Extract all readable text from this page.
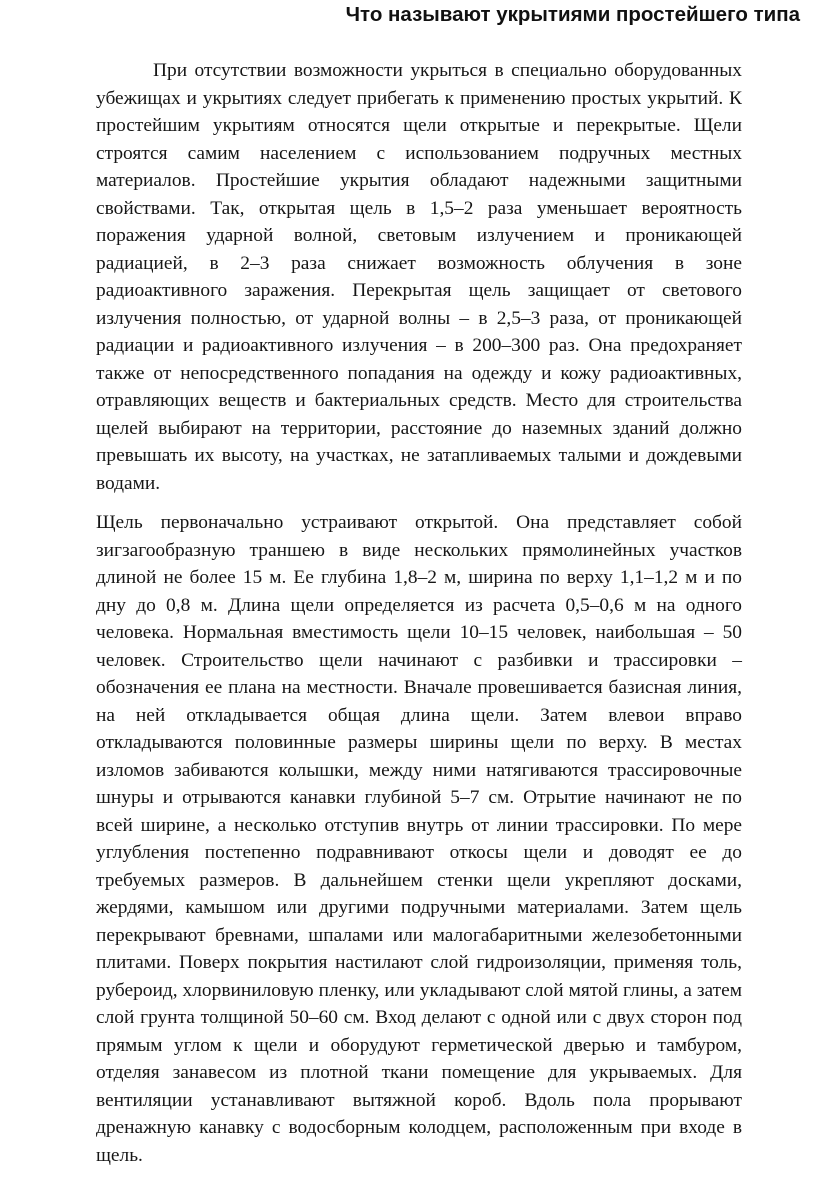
Что называют укрытиями простейшего типа

При отсутствии возможности укрыться в специально оборудованных убежищах и укрытиях следует прибегать к применению простых укрытий. К простейшим укрытиям относятся щели открытые и перекрытые. Щели строятся самим населением с использованием подручных местных материалов. Простейшие укрытия обладают надежными защитными свойствами. Так, открытая щель в 1,5–2 раза уменьшает вероятность поражения ударной волной, световым излучением и проникающей радиацией, в 2–3 раза снижает возможность облучения в зоне радиоактивного заражения. Перекрытая щель защищает от светового излучения полностью, от ударной волны – в 2,5–3 раза, от проникающей радиации и радиоактивного излучения – в 200–300 раз. Она предохраняет также от непосредственного попадания на одежду и кожу радиоактивных, отравляющих веществ и бактериальных средств. Место для строительства щелей выбирают на территории, расстояние до наземных зданий должно превышать их высоту, на участках, не затапливаемых талыми и дождевыми водами.

Щель первоначально устраивают открытой. Она представляет собой зигзагообразную траншею в виде нескольких прямолинейных участков длиной не более 15 м. Ее глубина 1,8–2 м, ширина по верху 1,1–1,2 м и по дну до 0,8 м. Длина щели определяется из расчета 0,5–0,6 м на одного человека. Нормальная вместимость щели 10–15 человек, наибольшая – 50 человек. Строительство щели начинают с разбивки и трассировки – обозначения ее плана на местности. Вначале провешивается базисная линия, на ней откладывается общая длина щели. Затем влевои вправо откладываются половинные размеры ширины щели по верху. В местах изломов забиваются колышки, между ними натягиваются трассировочные шнуры и отрываются канавки глубиной 5–7 см. Отрытие начинают не по всей ширине, а несколько отступив внутрь от линии трассировки. По мере углубления постепенно подравнивают откосы щели и доводят ее до требуемых размеров. В дальнейшем стенки щели укрепляют досками, жердями, камышом или другими подручными материалами. Затем щель перекрывают бревнами, шпалами или малогабаритными железобетонными плитами. Поверх покрытия настилают слой гидроизоляции, применяя толь, рубероид, хлорвиниловую пленку, или укладывают слой мятой глины, а затем слой грунта толщиной 50–60 см. Вход делают с одной или с двух сторон под прямым углом к щели и оборудуют герметической дверью и тамбуром, отделяя занавесом из плотной ткани помещение для укрываемых. Для вентиляции устанавливают вытяжной короб. Вдоль пола прорывают дренажную канавку с водосборным колодцем, расположенным при входе в щель.
